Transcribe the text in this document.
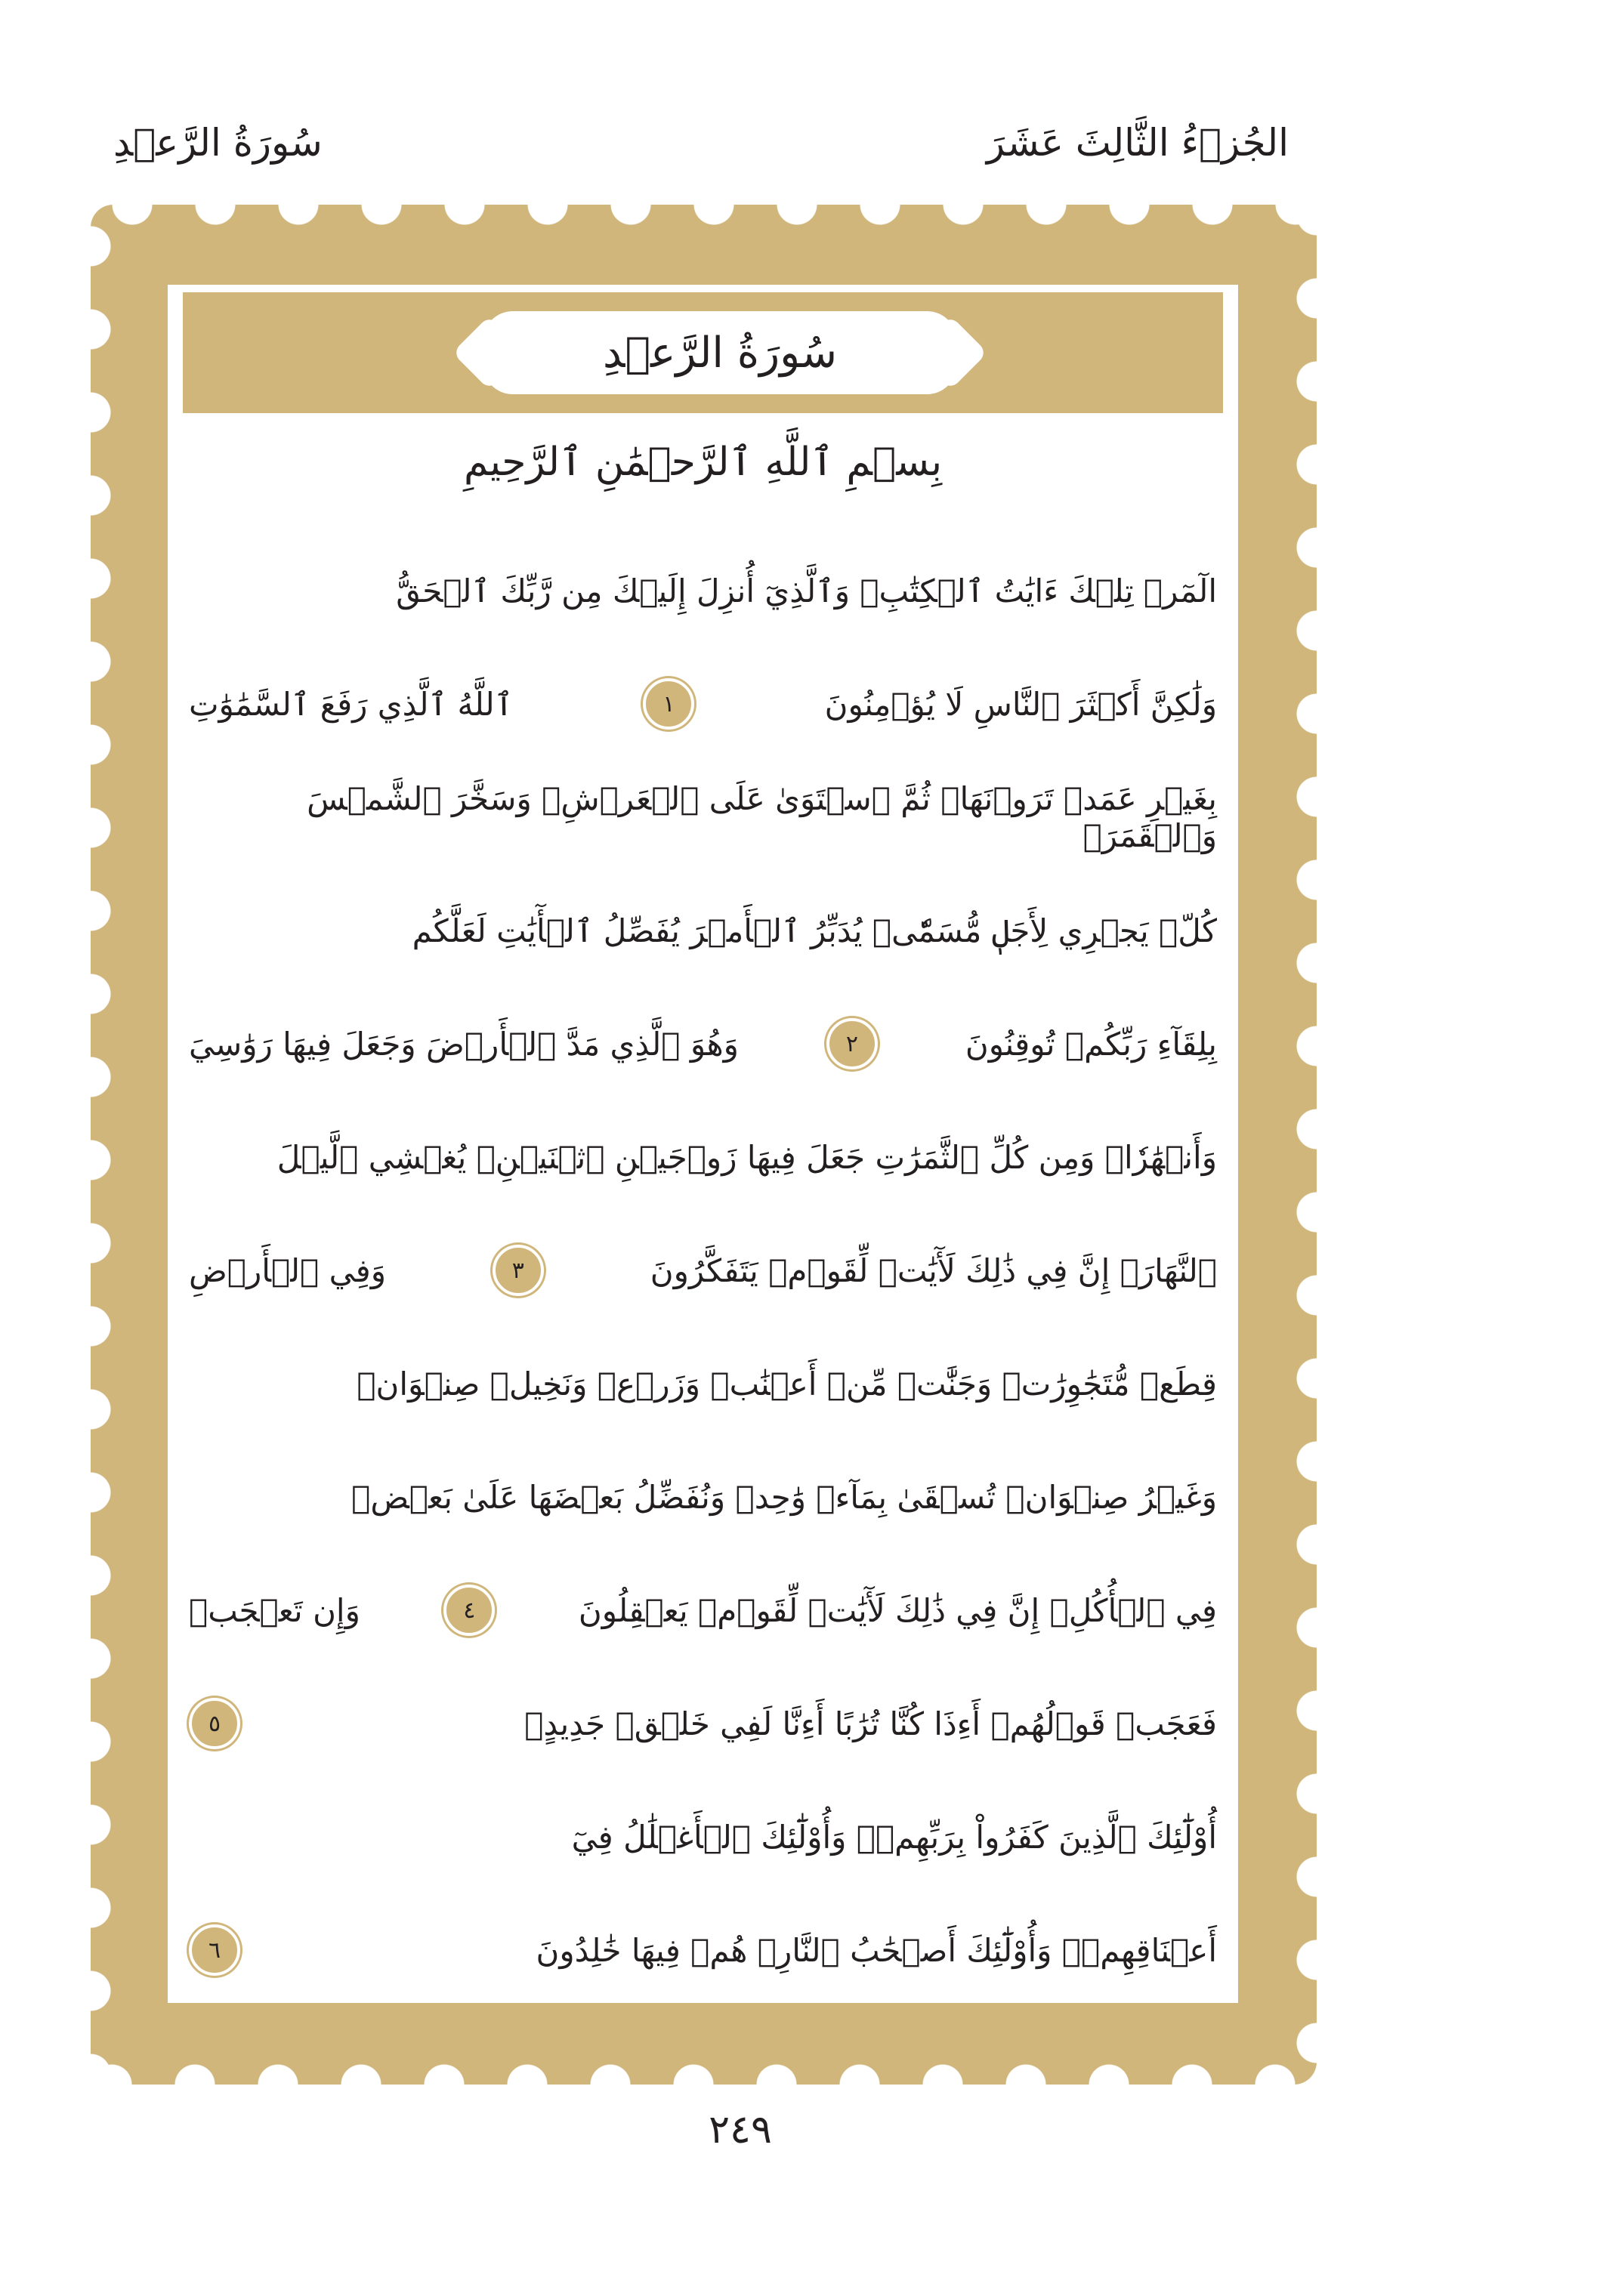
الجُزۡءُ الثَّالِثَ عَشَرَ
سُورَةُ الرَّعۡدِ
سُورَةُ الرَّعۡدِ
بِسۡمِ ٱللَّهِ ٱلرَّحۡمَٰنِ ٱلرَّحِيمِ
الٓمٓرۚ تِلۡكَ ءَايَٰتُ ٱلۡكِتَٰبِۗ وَٱلَّذِيٓ أُنزِلَ إِلَيۡكَ مِن رَّبِّكَ ٱلۡحَقُّ
وَلَٰكِنَّ أَكۡثَرَ ٱلنَّاسِ لَا يُؤۡمِنُونَ
١
ٱللَّهُ ٱلَّذِي رَفَعَ ٱلسَّمَٰوَٰتِ
بِغَيۡرِ عَمَدٖ تَرَوۡنَهَاۖ ثُمَّ ٱسۡتَوَىٰ عَلَى ٱلۡعَرۡشِۖ وَسَخَّرَ ٱلشَّمۡسَ وَٱلۡقَمَرَۖ
كُلّٞ يَجۡرِي لِأَجَلٖ مُّسَمّٗىۚ يُدَبِّرُ ٱلۡأَمۡرَ يُفَصِّلُ ٱلۡأٓيَٰتِ لَعَلَّكُم
بِلِقَآءِ رَبِّكُمۡ تُوقِنُونَ
٢
وَهُوَ ٱلَّذِي مَدَّ ٱلۡأَرۡضَ وَجَعَلَ فِيهَا رَوَٰسِيَ
وَأَنۡهَٰرٗاۖ وَمِن كُلِّ ٱلثَّمَرَٰتِ جَعَلَ فِيهَا زَوۡجَيۡنِ ٱثۡنَيۡنِۖ يُغۡشِي ٱلَّيۡلَ
ٱلنَّهَارَۚ إِنَّ فِي ذَٰلِكَ لَأٓيَٰتٖ لِّقَوۡمٖ يَتَفَكَّرُونَ
٣
وَفِي ٱلۡأَرۡضِ
قِطَعٞ مُّتَجَٰوِرَٰتٞ وَجَنَّٰتٞ مِّنۡ أَعۡنَٰبٖ وَزَرۡعٞ وَنَخِيلٞ صِنۡوَانٞ
وَغَيۡرُ صِنۡوَانٖ تُسۡقَىٰ بِمَآءٖ وَٰحِدٖ وَنُفَضِّلُ بَعۡضَهَا عَلَىٰ بَعۡضٖ
فِي ٱلۡأُكُلِۚ إِنَّ فِي ذَٰلِكَ لَأٓيَٰتٖ لِّقَوۡمٖ يَعۡقِلُونَ
٤
وَإِن تَعۡجَبۡ
فَعَجَبٞ قَوۡلُهُمۡ أَءِذَا كُنَّا تُرَٰبًا أَءِنَّا لَفِي خَلۡقٖ جَدِيدٍۗ
٥
أُوْلَٰٓئِكَ ٱلَّذِينَ كَفَرُواْ بِرَبِّهِمۡۖ وَأُوْلَٰٓئِكَ ٱلۡأَغۡلَٰلُ فِيٓ
أَعۡنَاقِهِمۡۖ وَأُوْلَٰٓئِكَ أَصۡحَٰبُ ٱلنَّارِۖ هُمۡ فِيهَا خَٰلِدُونَ
٦
٢٤٩
